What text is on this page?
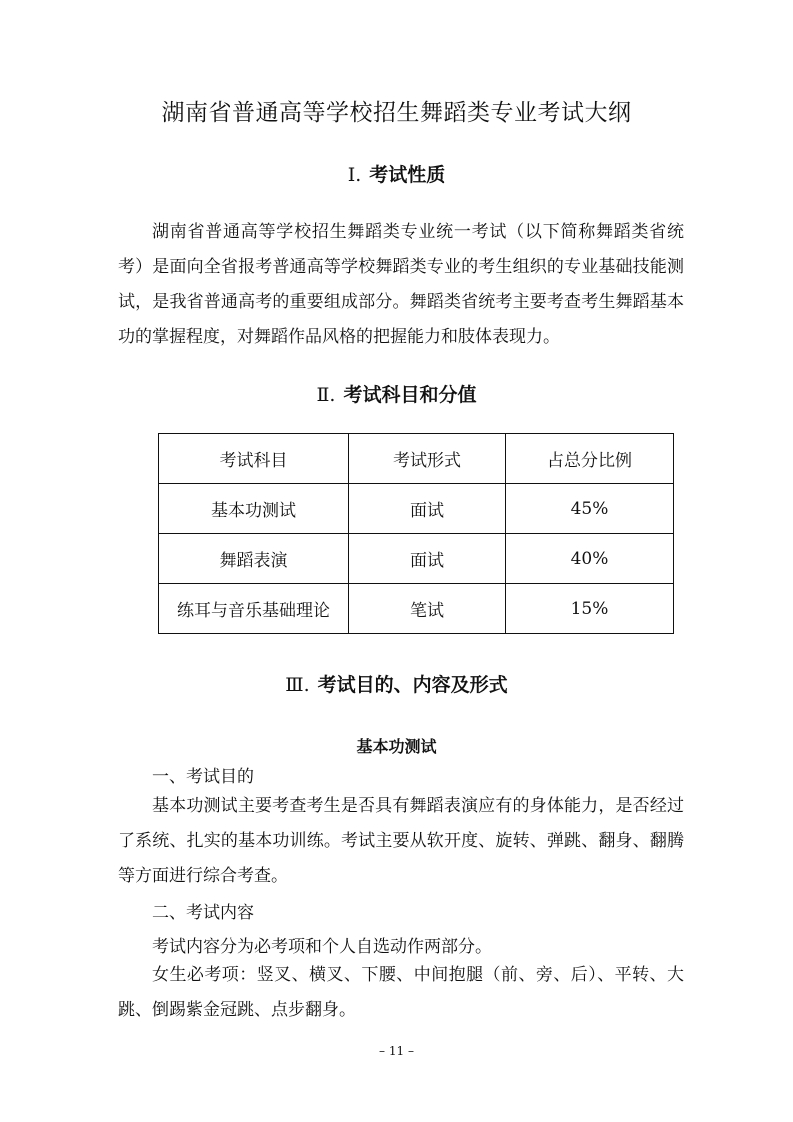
湖南省普通高等学校招生舞蹈类专业考试大纲
Ⅰ. 考试性质
湖南省普通高等学校招生舞蹈类专业统一考试（以下简称舞蹈类省统考）是面向全省报考普通高等学校舞蹈类专业的考生组织的专业基础技能测试，是我省普通高考的重要组成部分。舞蹈类省统考主要考查考生舞蹈基本功的掌握程度，对舞蹈作品风格的把握能力和肢体表现力。
Ⅱ. 考试科目和分值
考试科目	考试形式	占总分比例
基本功测试	面试	45%
舞蹈表演	面试	40%
练耳与音乐基础理论	笔试	15%
Ⅲ. 考试目的、内容及形式
基本功测试
一、考试目的
基本功测试主要考查考生是否具有舞蹈表演应有的身体能力，是否经过了系统、扎实的基本功训练。考试主要从软开度、旋转、弹跳、翻身、翻腾等方面进行综合考查。
二、考试内容
考试内容分为必考项和个人自选动作两部分。
女生必考项：竖叉、横叉、下腰、中间抱腿（前、旁、后）、平转、大跳、倒踢紫金冠跳、点步翻身。
– 11 –
